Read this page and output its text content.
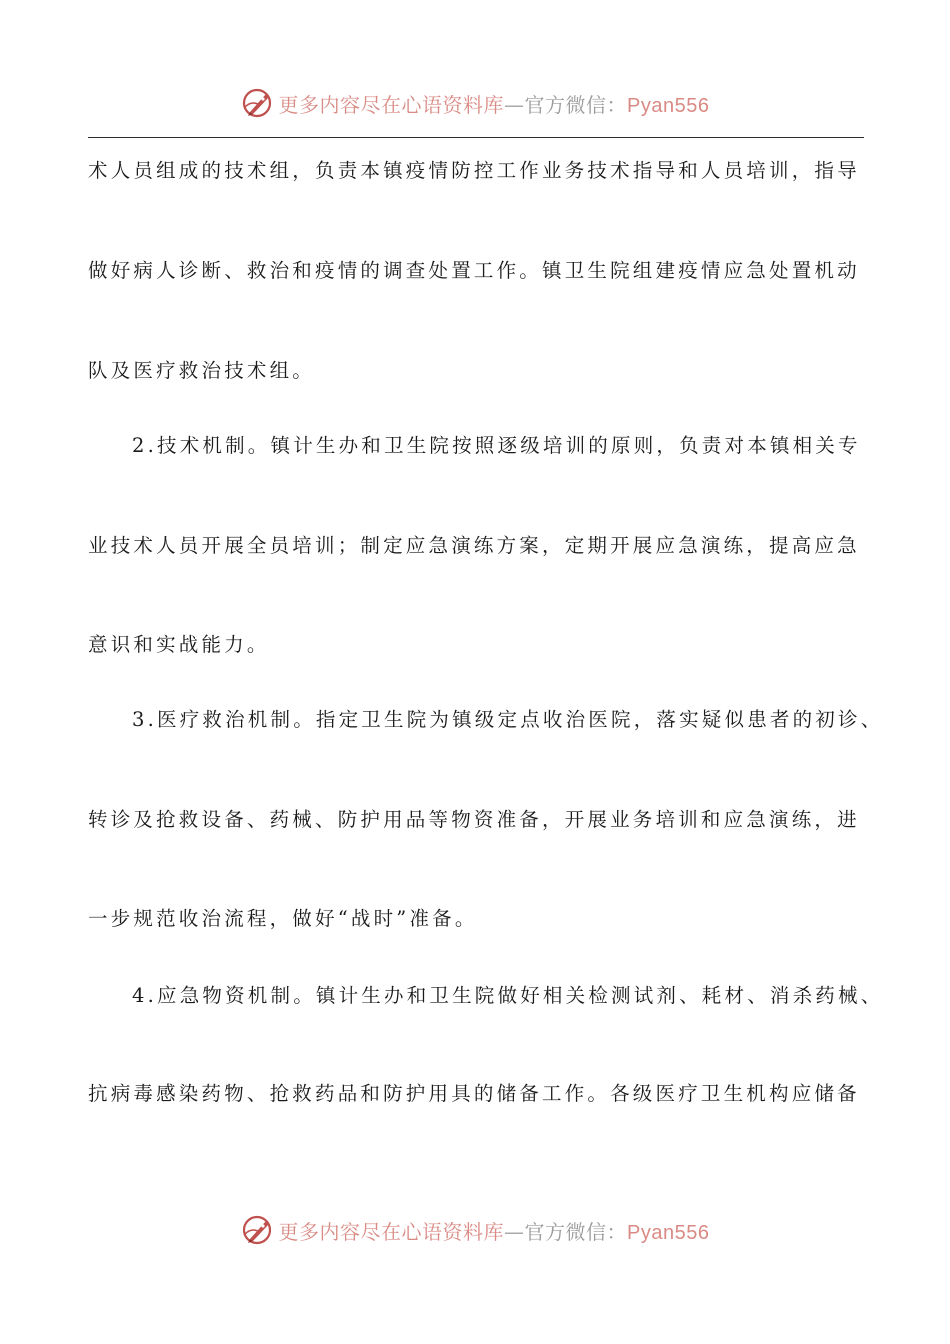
更多内容尽在心语资料库—官方微信：Pyan556
术人员组成的技术组，负责本镇疫情防控工作业务技术指导和人员培训，指导
做好病人诊断、救治和疫情的调查处置工作。镇卫生院组建疫情应急处置机动
队及医疗救治技术组。
2.技术机制。镇计生办和卫生院按照逐级培训的原则，负责对本镇相关专
业技术人员开展全员培训；制定应急演练方案，定期开展应急演练，提高应急
意识和实战能力。
3.医疗救治机制。指定卫生院为镇级定点收治医院，落实疑似患者的初诊、
转诊及抢救设备、药械、防护用品等物资准备，开展业务培训和应急演练，进
一步规范收治流程，做好“战时”准备。
4.应急物资机制。镇计生办和卫生院做好相关检测试剂、耗材、消杀药械、
抗病毒感染药物、抢救药品和防护用具的储备工作。各级医疗卫生机构应储备
更多内容尽在心语资料库—官方微信：Pyan556
